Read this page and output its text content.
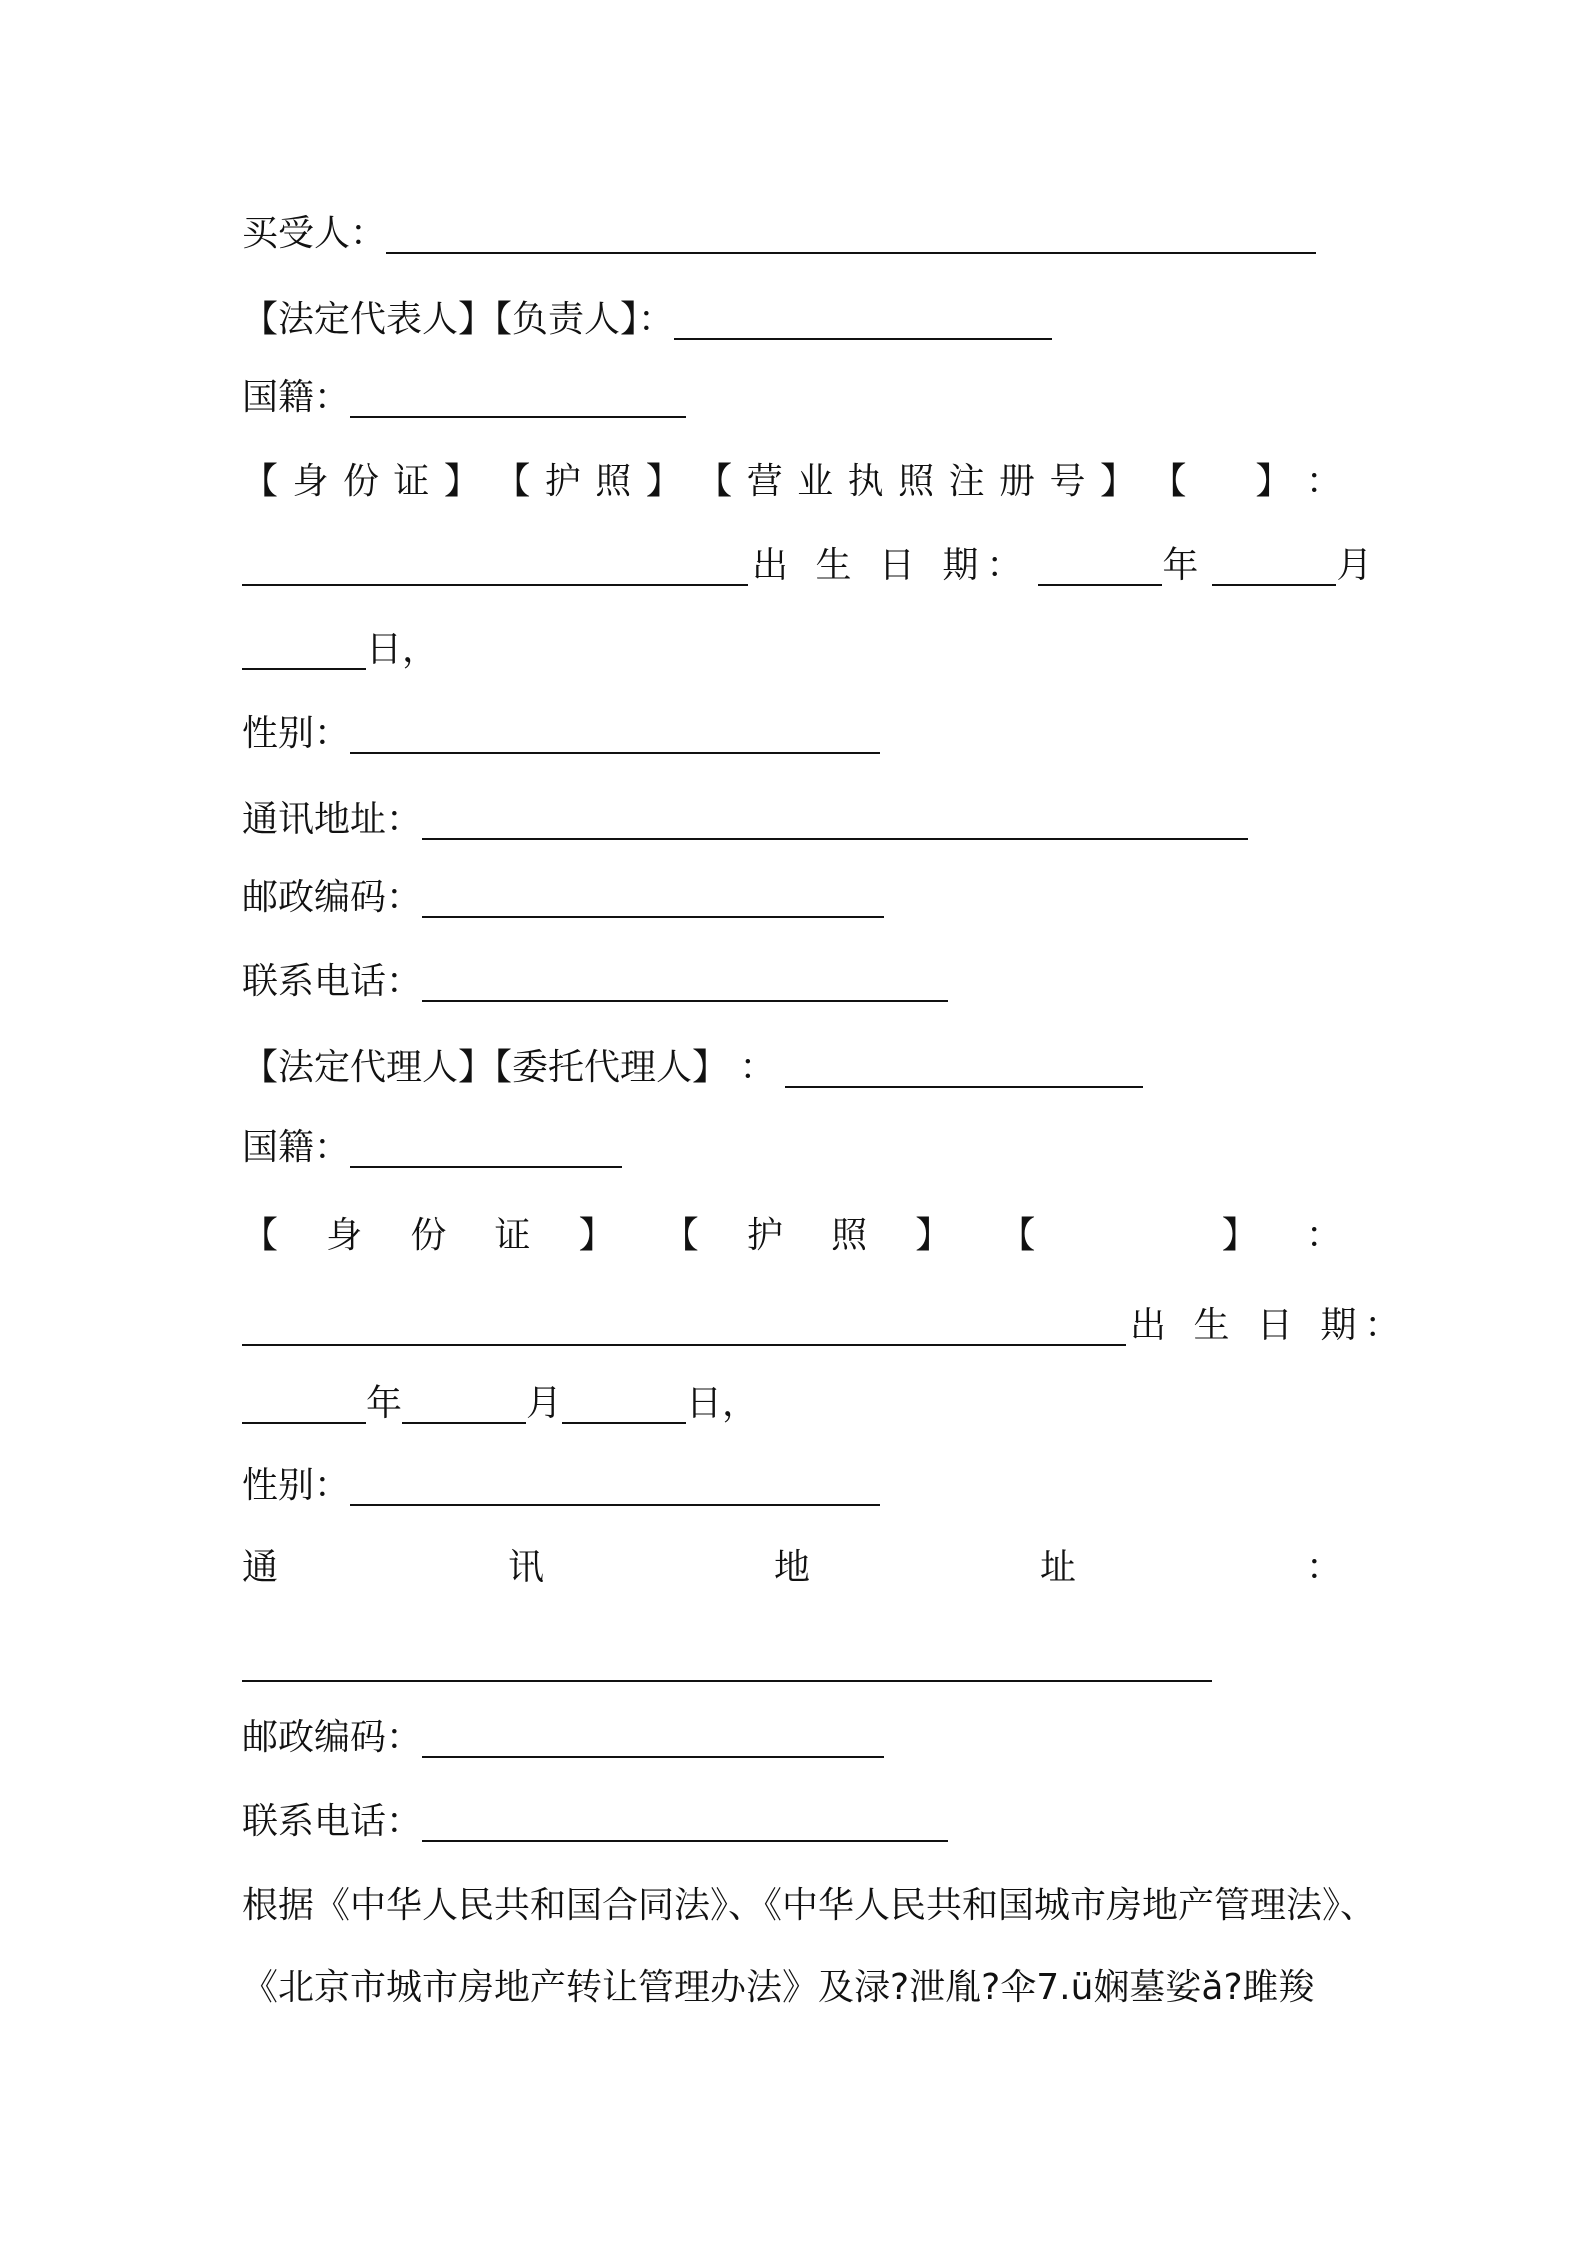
买受人：
【法定代表人】【负责人】：
国籍：
【 身 份 证 】 【 护 照 】 【 营 业 执 照 注 册 号 】 【 】 ：
出 生 日 期：	年	月
日，
性别：
通讯地址：
邮政编码：
联系电话：
【法定代理人】【委托代理人】 ：
国籍：
【 身 份 证 】 【 护 照 】 【	】 ：
出 生 日 期：
年	月	日，
性别：
通	讯	地	址	：
邮政编码：
联系电话：
根据《中华人民共和国合同法》、《中华人民共和国城市房地产管理法》、
《北京市城市房地产转让管理办法》及渌?泄胤?伞7.ü娴墓娑ǎ?雎羧
